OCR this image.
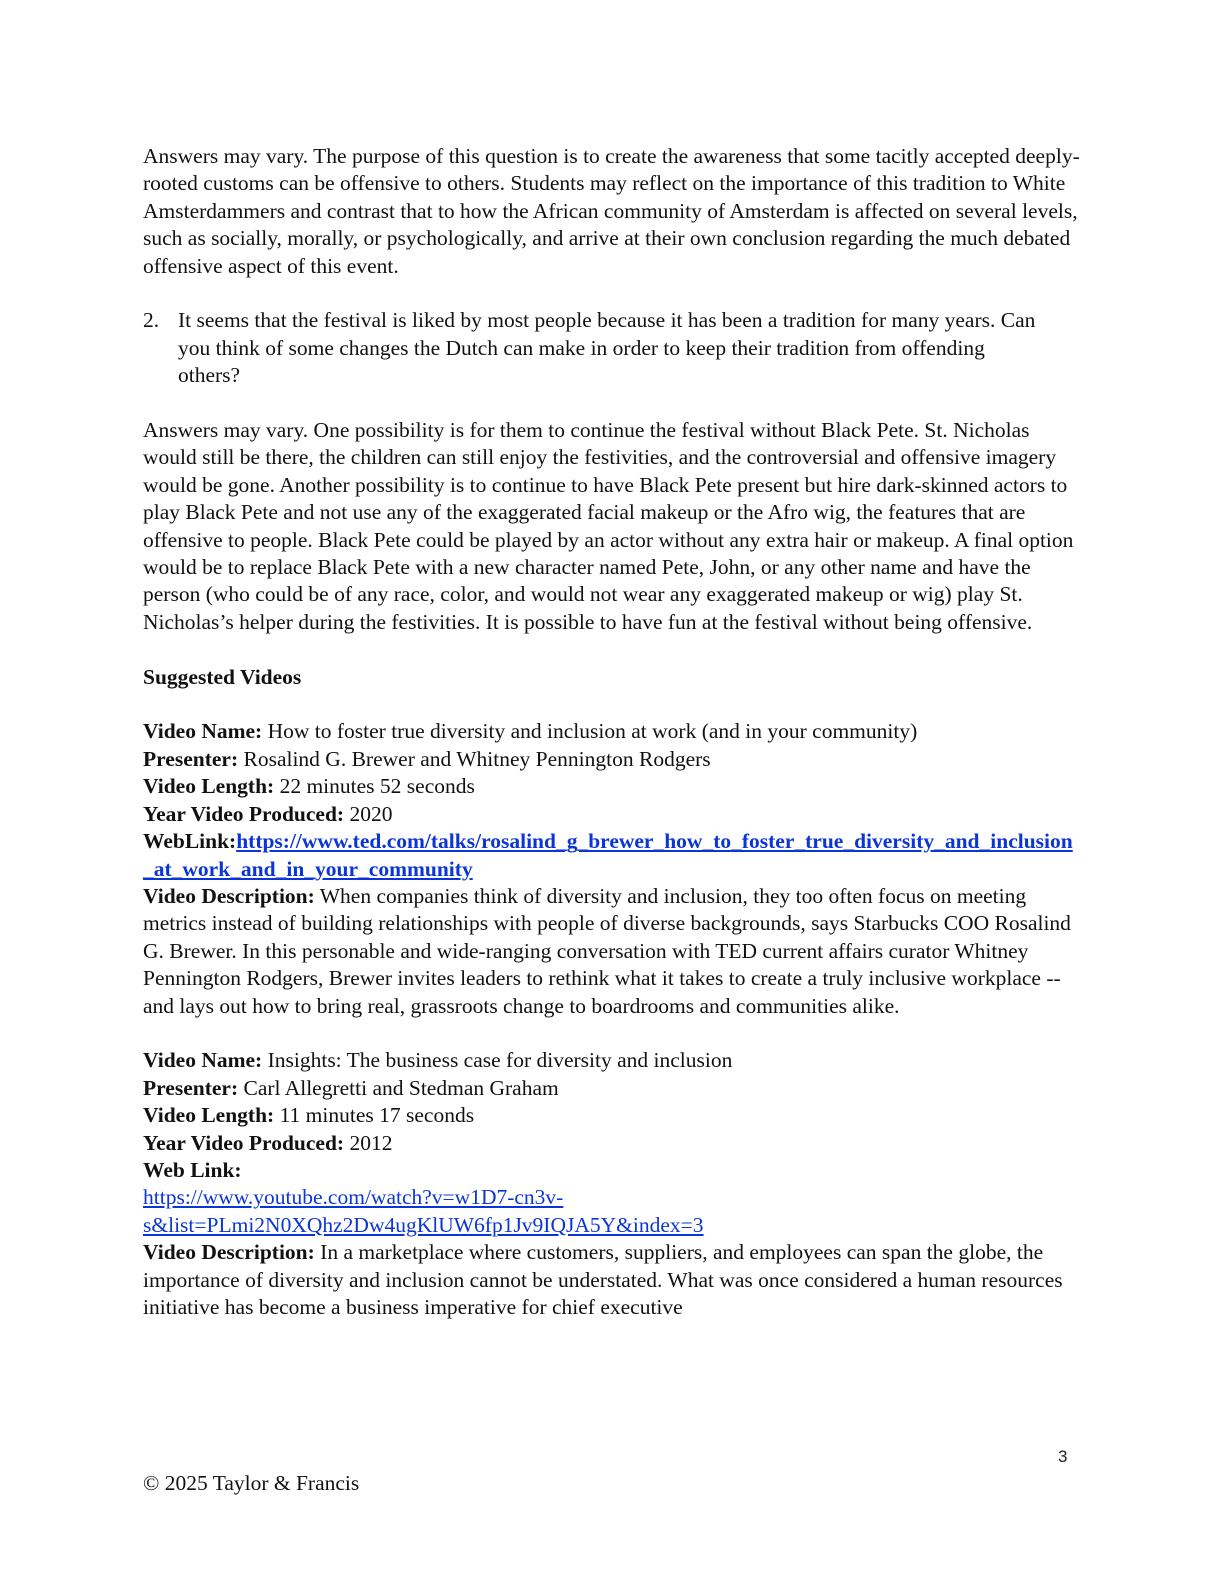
Answers may vary. The purpose of this question is to create the awareness that some tacitly accepted deeply- rooted customs can be offensive to others. Students may reflect on the importance of this tradition to White Amsterdammers and contrast that to how the African community of Amsterdam is affected on several levels, such as socially, morally, or psychologically, and arrive at their own conclusion regarding the much debated offensive aspect of this event.

2. It seems that the festival is liked by most people because it has been a tradition for many years. Can you think of some changes the Dutch can make in order to keep their tradition from offending others?

Answers may vary. One possibility is for them to continue the festival without Black Pete. St. Nicholas would still be there, the children can still enjoy the festivities, and the controversial and offensive imagery would be gone. Another possibility is to continue to have Black Pete present but hire dark-skinned actors to play Black Pete and not use any of the exaggerated facial makeup or the Afro wig, the features that are offensive to people. Black Pete could be played by an actor without any extra hair or makeup. A final option would be to replace Black Pete with a new character named Pete, John, or any other name and have the person (who could be of any race, color, and would not wear any exaggerated makeup or wig) play St. Nicholas’s helper during the festivities. It is possible to have fun at the festival without being offensive.

Suggested Videos
Video Name: How to foster true diversity and inclusion at work (and in your community)
Presenter: Rosalind G. Brewer and Whitney Pennington Rodgers
Video Length: 22 minutes 52 seconds
Year Video Produced: 2020
WebLink:https://www.ted.com/talks/rosalind_g_brewer_how_to_foster_true_diversity_and_inclusion_at_work_and_in_your_community
Video Description: When companies think of diversity and inclusion, they too often focus on meeting metrics instead of building relationships with people of diverse backgrounds, says Starbucks COO Rosalind G. Brewer. In this personable and wide-ranging conversation with TED current affairs curator Whitney Pennington Rodgers, Brewer invites leaders to rethink what it takes to create a truly inclusive workplace -- and lays out how to bring real, grassroots change to boardrooms and communities alike.
Video Name: Insights: The business case for diversity and inclusion
Presenter: Carl Allegretti and Stedman Graham
Video Length: 11 minutes 17 seconds
Year Video Produced: 2012
Web Link:
https://www.youtube.com/watch?v=w1D7-cn3v-
s&list=PLmi2N0XQhz2Dw4ugKlUW6fp1Jv9IQJA5Y&index=3
Video Description: In a marketplace where customers, suppliers, and employees can span the globe, the importance of diversity and inclusion cannot be understated. What was once considered a human resources initiative has become a business imperative for chief executive
3
© 2025 Taylor & Francis
